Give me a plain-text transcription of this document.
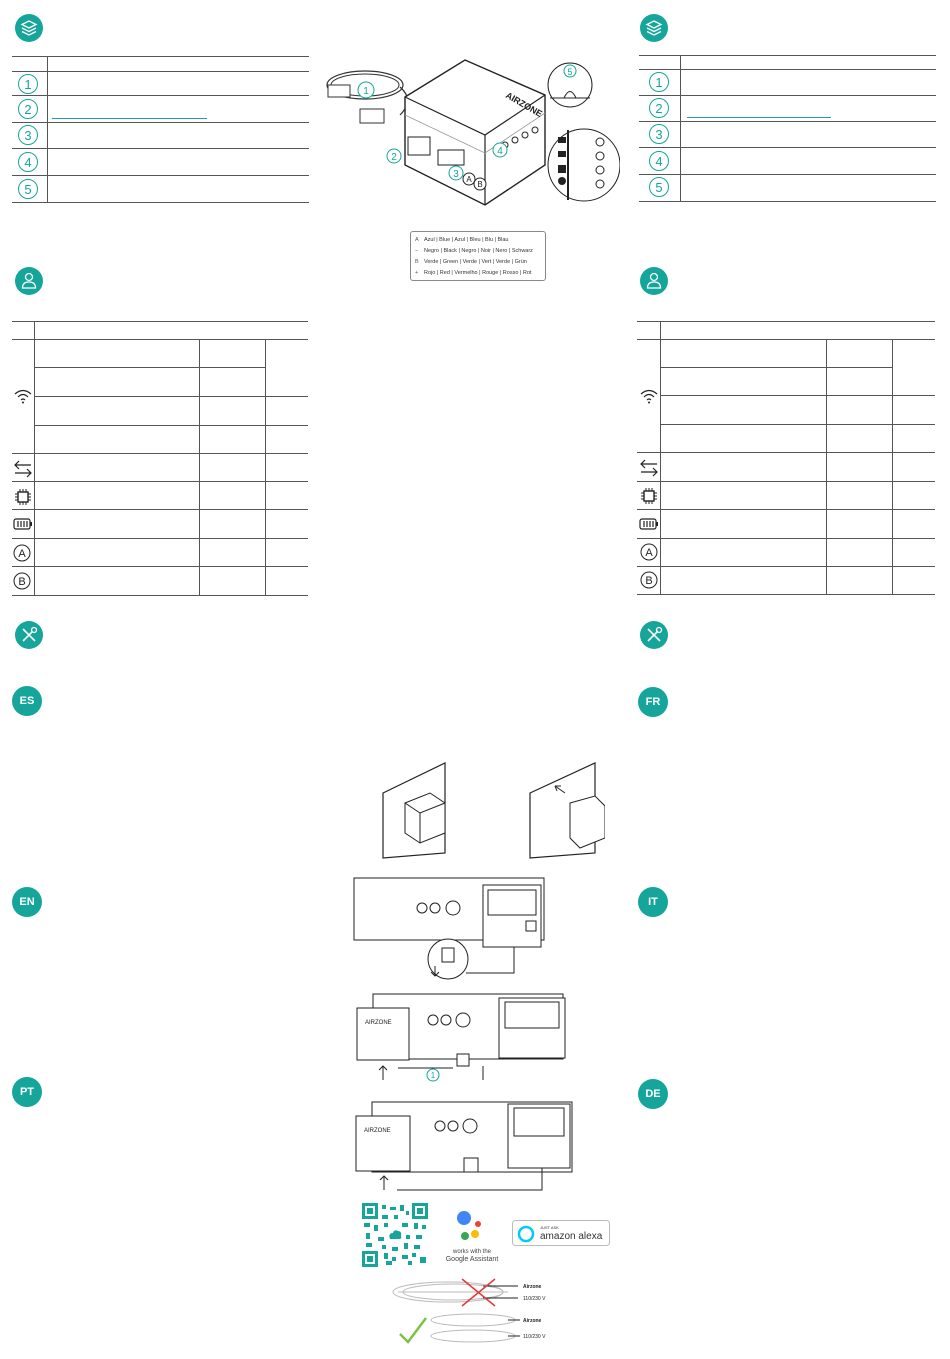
ES
EN
PT
FR
IT
DE
1
2
3
4
5
1
2
3
4
5
A
B
A
B
1	AIRZONE
2
3
4
A
B
5
A Azul | Blue | Azul | Bleu | Blu | Blau
− Negro | Black | Negro | Noir | Nero | Schwarz
B Verde | Green | Verde | Vert | Verde | Grün
+ Rojo | Red | Vermelho | Rouge | Rosso | Rot
AIRZONE
1
AIRZONE
works with the
Google Assistant
JUST ASK
amazon alexa
Airzone
110/230 V
Airzone
110/230 V
